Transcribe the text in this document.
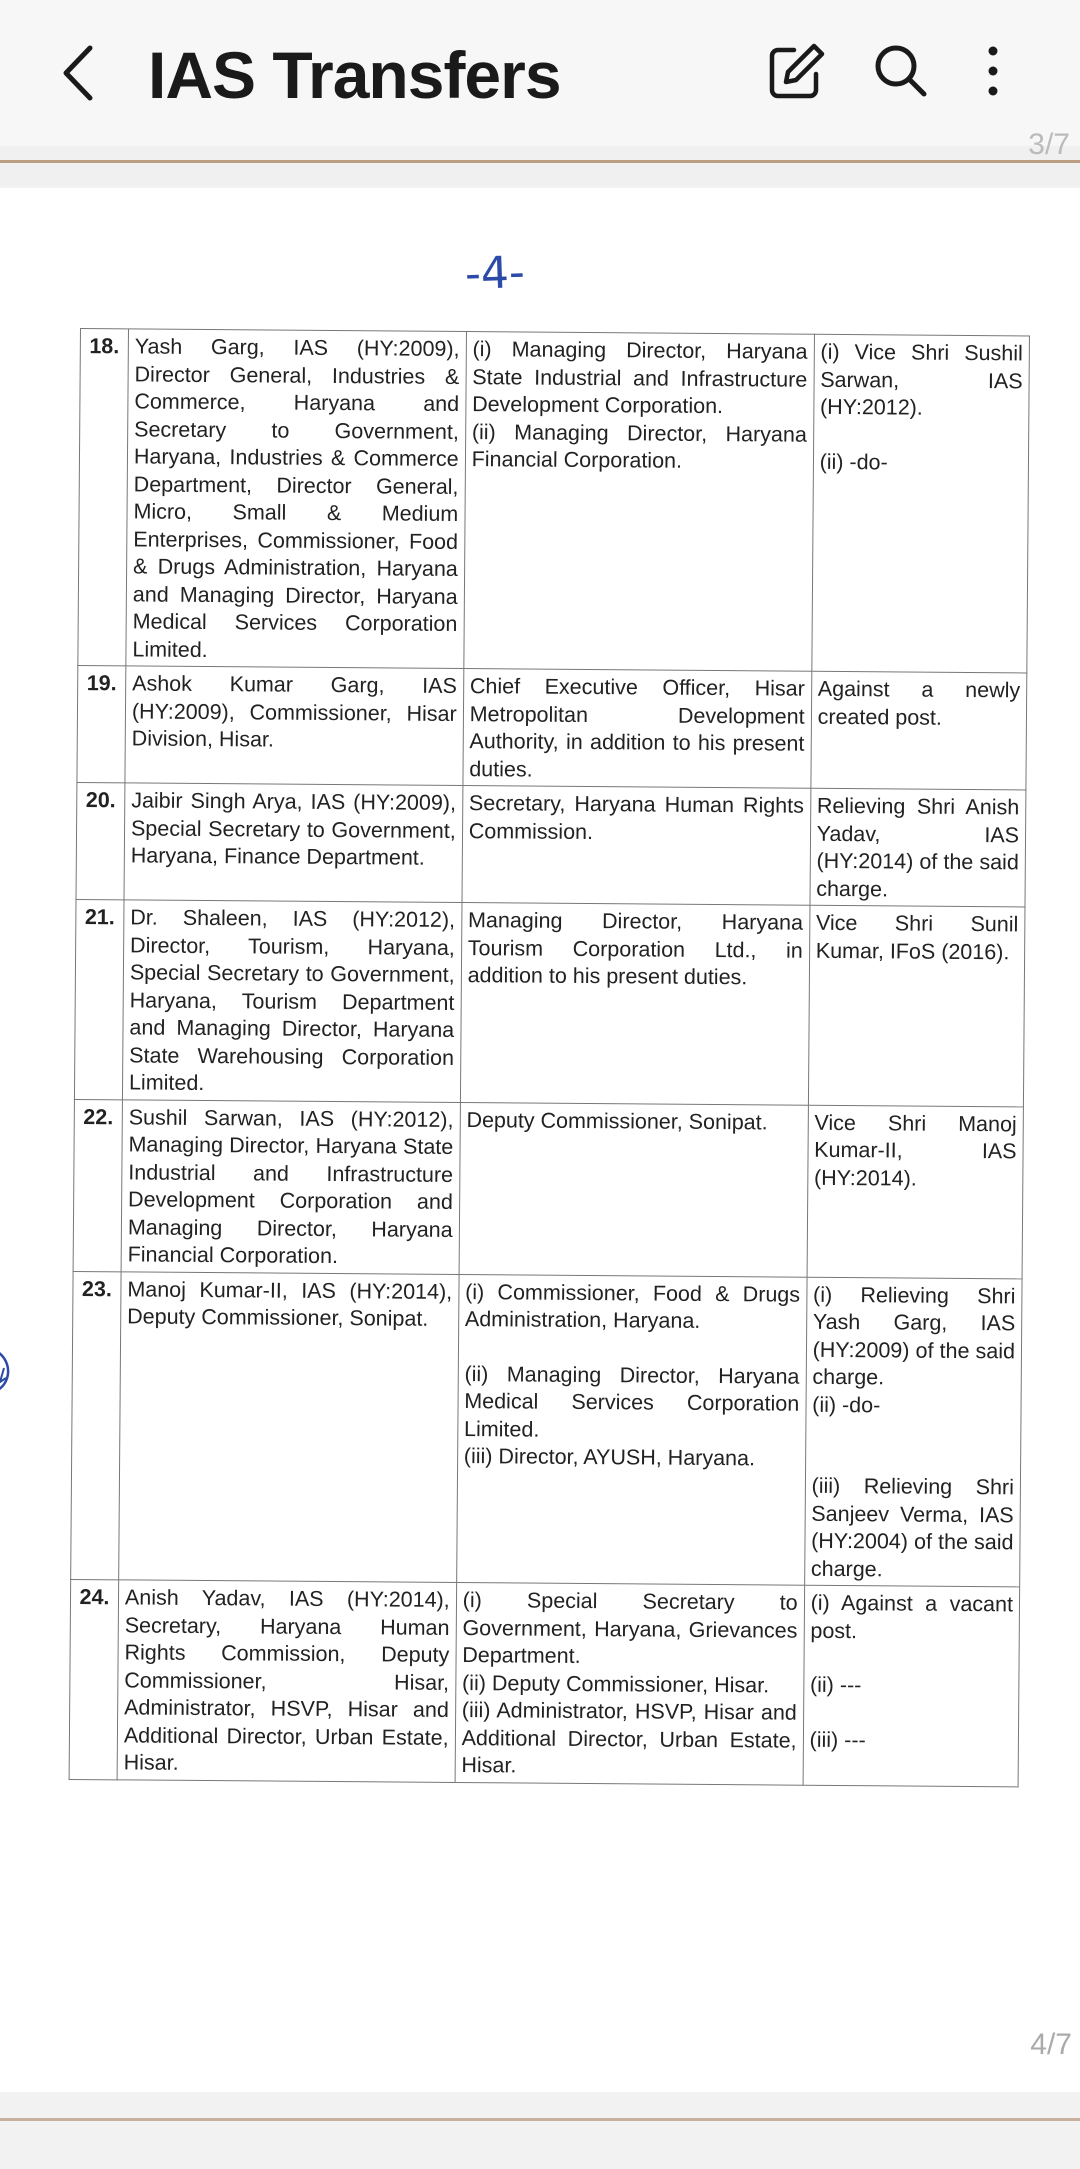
IAS Transfers
3/7
-4-
18.	Yash Garg, IAS (HY:2009), Director General, Industries & Commerce, Haryana and Secretary to Government, Haryana, Industries & Commerce Department, Director General, Micro, Small & Medium Enterprises, Commissioner, Food & Drugs Administration, Haryana and Managing Director, Haryana Medical Services Corporation Limited.	(i) Managing Director, Haryana State Industrial and Infrastructure Development Corporation.
(ii) Managing Director, Haryana Financial Corporation.	(i) Vice Shri Sushil Sarwan, IAS (HY:2012).
(ii) -do-

19.	Ashok Kumar Garg, IAS (HY:2009), Commissioner, Hisar Division, Hisar.	Chief Executive Officer, Hisar Metropolitan Development Authority, in addition to his present duties.	Against a newly created post.

20.	Jaibir Singh Arya, IAS (HY:2009), Special Secretary to Government, Haryana, Finance Department.	Secretary, Haryana Human Rights Commission.	Relieving Shri Anish Yadav, IAS (HY:2014) of the said charge.

21.	Dr. Shaleen, IAS (HY:2012), Director, Tourism, Haryana, Special Secretary to Government, Haryana, Tourism Department and Managing Director, Haryana State Warehousing Corporation Limited.	Managing Director, Haryana Tourism Corporation Ltd., in addition to his present duties.	Vice Shri Sunil Kumar, IFoS (2016).

22.	Sushil Sarwan, IAS (HY:2012), Managing Director, Haryana State Industrial and Infrastructure Development Corporation and Managing Director, Haryana Financial Corporation.	Deputy Commissioner, Sonipat.	Vice Shri Manoj Kumar-II, IAS (HY:2014).

23.	Manoj Kumar-II, IAS (HY:2014), Deputy Commissioner, Sonipat.	(i) Commissioner, Food & Drugs Administration, Haryana.
(ii) Managing Director, Haryana Medical Services Corporation Limited.
(iii) Director, AYUSH, Haryana.	(i) Relieving Shri Yash Garg, IAS (HY:2009) of the said charge.
(ii) -do-
(iii) Relieving Shri Sanjeev Verma, IAS (HY:2004) of the said charge.

24.	Anish Yadav, IAS (HY:2014), Secretary, Haryana Human Rights Commission, Deputy Commissioner, Hisar, Administrator, HSVP, Hisar and Additional Director, Urban Estate, Hisar.	(i) Special Secretary to Government, Haryana, Grievances Department.
(ii) Deputy Commissioner, Hisar.
(iii) Administrator, HSVP, Hisar and Additional Director, Urban Estate, Hisar.	(i) Against a vacant post.
(ii) ---
(iii) ---
4/7
